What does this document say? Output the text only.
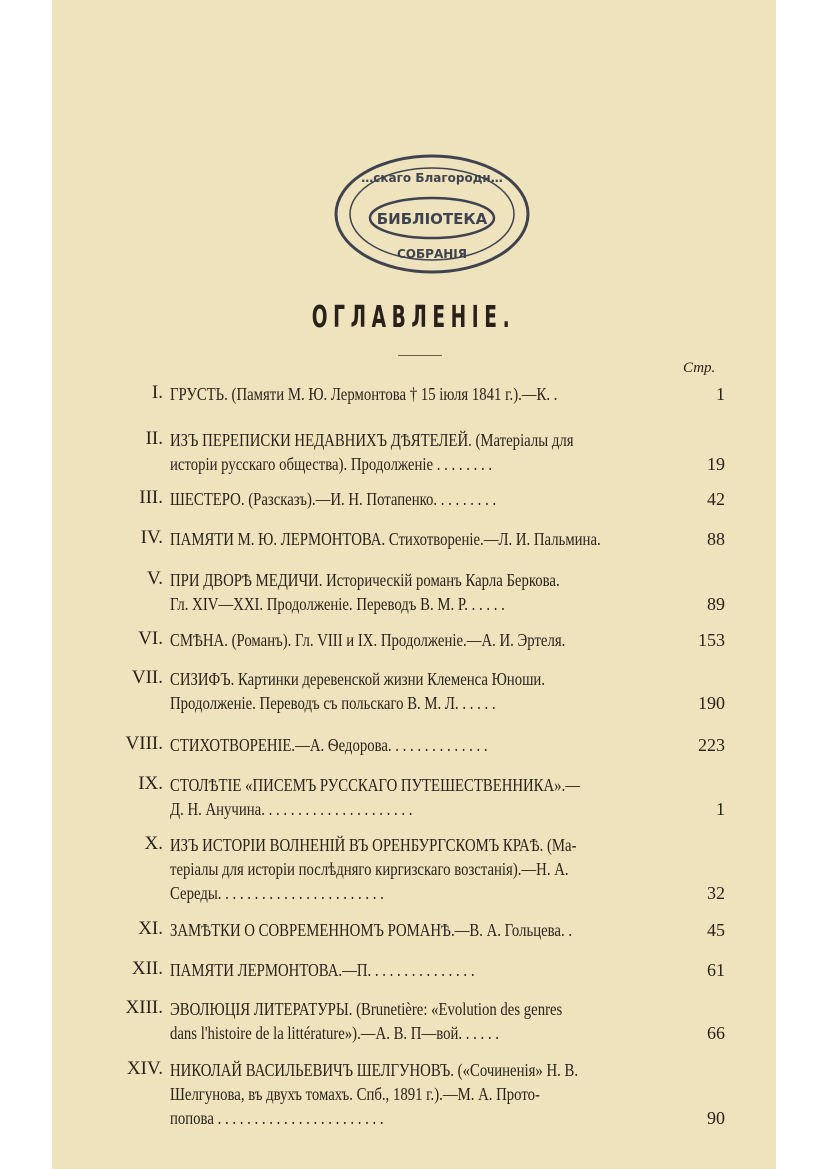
…скаго Благородн…
БИБЛIОТЕКА
СОБРАНIЯ
ОГЛАВЛЕНIЕ.
Стр.
I. ГРУСТЬ. (Памяти М. Ю. Лермонтова † 15 iюля 1841 г.).—К. .	1
II. ИЗЪ ПЕРЕПИСКИ НЕДАВНИХЪ ДѢЯТЕЛЕЙ. (Матерiалы для
исторiи русскаго общества). Продолженiе . . . . . . . .	19
III. ШЕСТЕРО. (Разсказъ).—И. Н. Потапенко. . . . . . . . .	42
IV. ПАМЯТИ М. Ю. ЛЕРМОНТОВА. Стихотворенiе.—Л. И. Пальмина.	88
V. ПРИ ДВОРѢ МЕДИЧИ. Историческiй романъ Карла Беркова.
Гл. XIV—XXI. Продолженiе. Переводъ В. М. Р. . . . . .	89
VI. СМѢНА. (Романъ). Гл. VIII и IX. Продолженiе.—А. И. Эртеля.	153
VII. СИЗИФЪ. Картинки деревенской жизни Клеменса Юноши.
Продолженiе. Переводъ съ польскаго В. М. Л. . . . . .	190
VIII. СТИХОТВОРЕНIЕ.—А. Ѳедорова. . . . . . . . . . . . . .	223
IX. СТОЛѢТIЕ «ПИСЕМЪ РУССКАГО ПУТЕШЕСТВЕННИКА».—
Д. Н. Анучина. . . . . . . . . . . . . . . . . . . . .	1
X. ИЗЪ ИСТОРIИ ВОЛНЕНIЙ ВЪ ОРЕНБУРГСКОМЪ КРАѢ. (Ма-
терiалы для исторiи послѣдняго киргизскаго возстанiя).—Н. А.
Середы. . . . . . . . . . . . . . . . . . . . . . .	32
XI. ЗАМѢТКИ О СОВРЕМЕННОМЪ РОМАНѢ.—В. А. Гольцева. .	45
XII. ПАМЯТИ ЛЕРМОНТОВА.—П. . . . . . . . . . . . . . .	61
XIII. ЭВОЛЮЦIЯ ЛИТЕРАТУРЫ. (Brunetière: «Evolution des genres
dans l'histoire de la littérature»).—А. В. П—вой. . . . . .	66
XIV. НИКОЛАЙ ВАСИЛЬЕВИЧЪ ШЕЛГУНОВЪ. («Сочиненiя» Н. В.
Шелгунова, въ двухъ томахъ. Спб., 1891 г.).—М. А. Прото-
попова . . . . . . . . . . . . . . . . . . . . . . .	90
